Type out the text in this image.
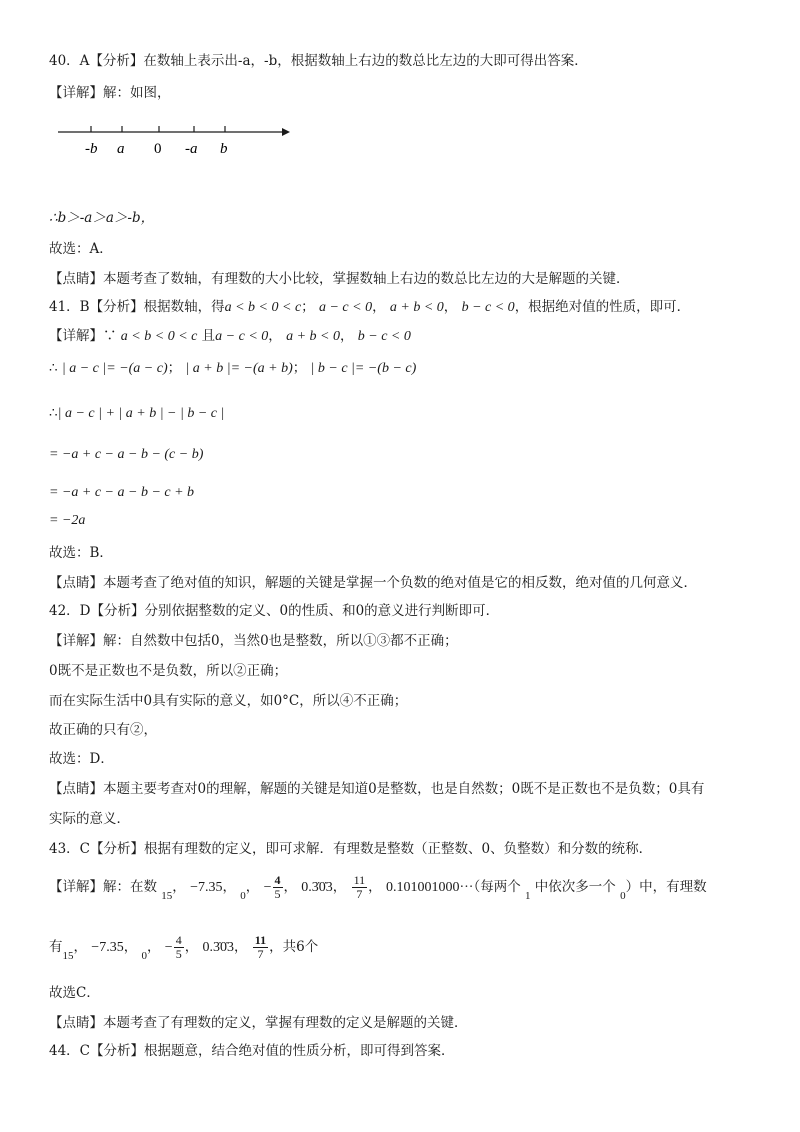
40．A【分析】在数轴上表示出-a，-b，根据数轴上右边的数总比左边的大即可得出答案．
【详解】解：如图，
-b a 0 -a b
∴b＞-a＞a＞-b，
故选：A．
【点睛】本题考查了数轴，有理数的大小比较，掌握数轴上右边的数总比左边的大是解题的关键．
41．B【分析】根据数轴，得a < b < 0 < c； a − c < 0， a + b < 0， b − c < 0，根据绝对值的性质，即可．
【详解】∵ a < b < 0 < c 且a − c < 0， a + b < 0， b − c < 0
∴ | a − c |= −(a − c)； | a + b |= −(a + b)； | b − c |= −(b − c)
∴| a − c | + | a + b | − | b − c |
= −a + c − a − b − (c − b)
= −a + c − a − b − c + b
= −2a
故选：B．
【点睛】本题考查了绝对值的知识，解题的关键是掌握一个负数的绝对值是它的相反数，绝对值的几何意义．
42．D【分析】分别依据整数的定义、0的性质、和0的意义进行判断即可．
【详解】解：自然数中包括0，当然0也是整数，所以①③都不正确；
0既不是正数也不是负数，所以②正确；
而在实际生活中0具有实际的意义，如0°C，所以④不正确；
故正确的只有②，
故选：D．
【点睛】本题主要考查对0的理解，解题的关键是知道0是整数，也是自然数；0既不是正数也不是负数；0具有
实际的意义．
43．C【分析】根据有理数的定义，即可求解．有理数是整数（正整数、0、负整数）和分数的统称．
【详解】解：在数 $_{15}$， −7.35， $_0$， − $\frac{4}{5}$ ， 0.3̇0̇3， $\frac{11}{7}$ ， 0.101001000···（每两个 $_1$ 中依次多一个 $_0$）中，有理数
有$_{15}$， −7.35， $_0$， − $\frac{4}{5}$ ， 0.3̇0̇3， $\frac{11}{7}$ ，共6个
故选C．
【点睛】本题考查了有理数的定义，掌握有理数的定义是解题的关键．
44．C【分析】根据题意，结合绝对值的性质分析，即可得到答案．
